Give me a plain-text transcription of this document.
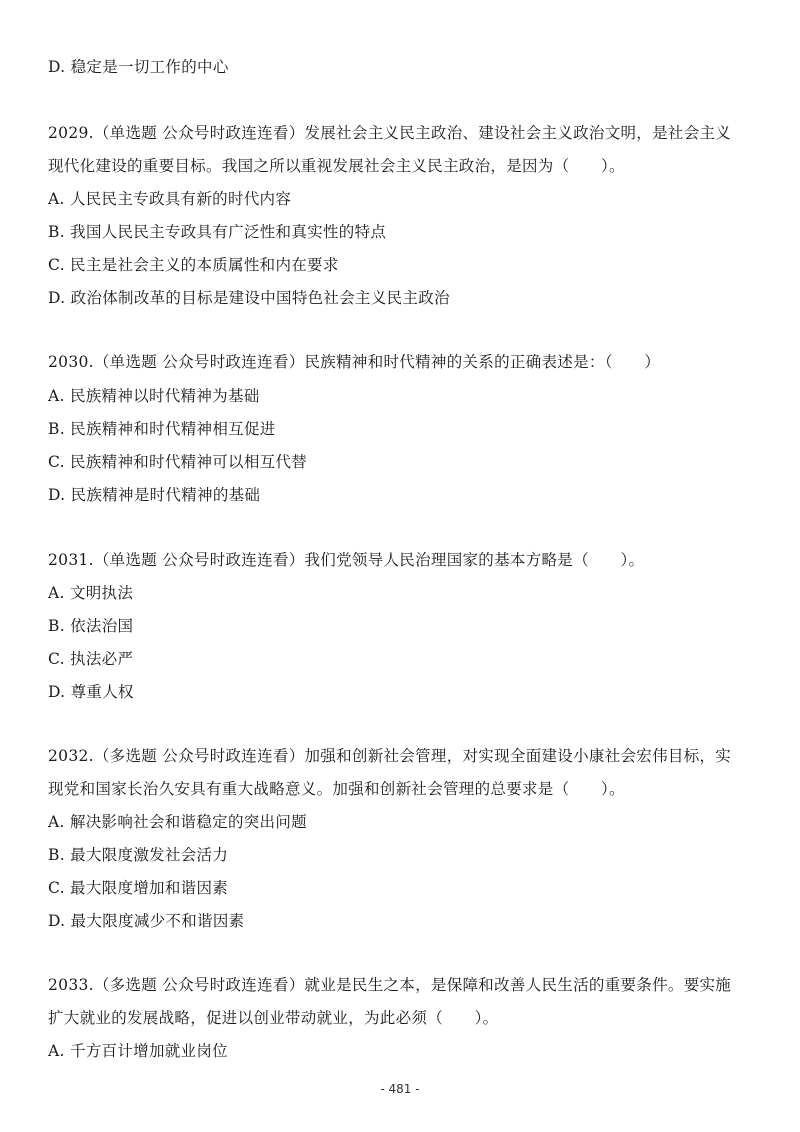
D. 稳定是一切工作的中心
2029.（单选题 公众号时政连连看）发展社会主义民主政治、建设社会主义政治文明，是社会主义
现代化建设的重要目标。我国之所以重视发展社会主义民主政治，是因为（　　）。
A. 人民民主专政具有新的时代内容
B. 我国人民民主专政具有广泛性和真实性的特点
C. 民主是社会主义的本质属性和内在要求
D. 政治体制改革的目标是建设中国特色社会主义民主政治
2030.（单选题 公众号时政连连看）民族精神和时代精神的关系的正确表述是：（　　）
A. 民族精神以时代精神为基础
B. 民族精神和时代精神相互促进
C. 民族精神和时代精神可以相互代替
D. 民族精神是时代精神的基础
2031.（单选题 公众号时政连连看）我们党领导人民治理国家的基本方略是（　　）。
A. 文明执法
B. 依法治国
C. 执法必严
D. 尊重人权
2032.（多选题 公众号时政连连看）加强和创新社会管理，对实现全面建设小康社会宏伟目标，实
现党和国家长治久安具有重大战略意义。加强和创新社会管理的总要求是（　　）。
A. 解决影响社会和谐稳定的突出问题
B. 最大限度激发社会活力
C. 最大限度增加和谐因素
D. 最大限度减少不和谐因素
2033.（多选题 公众号时政连连看）就业是民生之本，是保障和改善人民生活的重要条件。要实施
扩大就业的发展战略，促进以创业带动就业，为此必须（　　）。
A. 千方百计增加就业岗位
- 481 -
